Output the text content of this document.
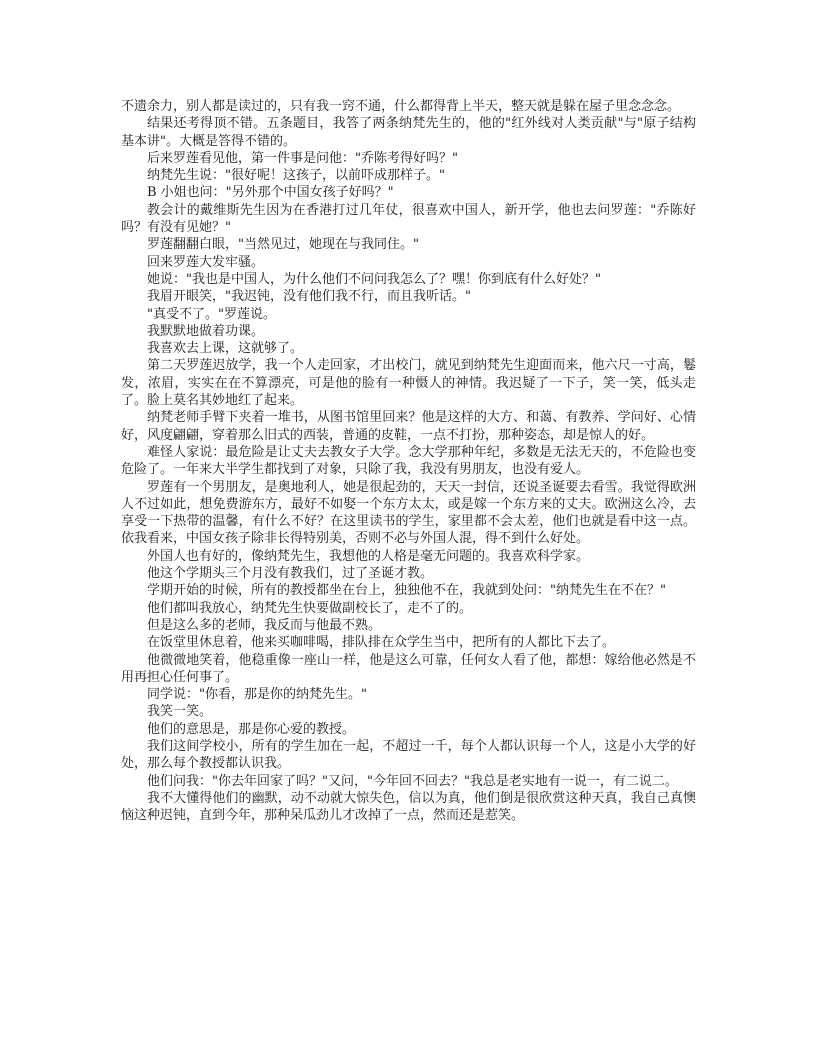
不遗余力，别人都是读过的，只有我一窍不通，什么都得背上半天，整天就是躲在屋子里念念念。

结果还考得顶不错。五条题目，我答了两条纳梵先生的，他的"红外线对人类贡献"与"原子结构基本讲"。大概是答得不错的。

后来罗莲看见他，第一件事是问他："乔陈考得好吗？"

纳梵先生说："很好呢！这孩子，以前吓成那样子。"

B 小姐也问："另外那个中国女孩子好吗？"

教会计的戴维斯先生因为在香港打过几年仗，很喜欢中国人，新开学，他也去问罗莲："乔陈好吗？有没有见她？"

罗莲翻翻白眼，"当然见过，她现在与我同住。"

回来罗莲大发牢骚。

她说："我也是中国人，为什么他们不问问我怎么了？嘿！你到底有什么好处？"

我眉开眼笑，"我迟钝，没有他们我不行，而且我听话。"

"真受不了。"罗莲说。

我默默地做着功课。

我喜欢去上课，这就够了。

第二天罗莲迟放学，我一个人走回家，才出校门，就见到纳梵先生迎面而来，他六尺一寸高，鬈发，浓眉，实实在在不算漂亮，可是他的脸有一种慑人的神情。我迟疑了一下子，笑一笑，低头走了。脸上莫名其妙地红了起来。

纳梵老师手臂下夹着一堆书，从图书馆里回来？他是这样的大方、和蔼、有教养、学问好、心情好，风度翩翩，穿着那么旧式的西装，普通的皮鞋，一点不打扮，那种姿态，却是惊人的好。

难怪人家说：最危险是让丈夫去教女子大学。念大学那种年纪，多数是无法无天的，不危险也变危险了。一年来大半学生都找到了对象，只除了我，我没有男朋友，也没有爱人。

罗莲有一个男朋友，是奥地利人，她是很起劲的，天天一封信，还说圣诞要去看雪。我觉得欧洲人不过如此，想免费游东方，最好不如娶一个东方太太，或是嫁一个东方来的丈夫。欧洲这么冷，去享受一下热带的温馨，有什么不好？在这里读书的学生，家里都不会太差，他们也就是看中这一点。依我看来，中国女孩子除非长得特别美，否则不必与外国人混，得不到什么好处。

外国人也有好的，像纳梵先生，我想他的人格是毫无问题的。我喜欢科学家。

他这个学期头三个月没有教我们，过了圣诞才教。

学期开始的时候，所有的教授都坐在台上，独独他不在，我就到处问："纳梵先生在不在？"

他们都叫我放心，纳梵先生快要做副校长了，走不了的。

但是这么多的老师，我反而与他最不熟。

在饭堂里休息着，他来买咖啡喝，排队排在众学生当中，把所有的人都比下去了。

他微微地笑着，他稳重像一座山一样，他是这么可靠，任何女人看了他，都想：嫁给他必然是不用再担心任何事了。

同学说："你看，那是你的纳梵先生。"

我笑一笑。

他们的意思是，那是你心爱的教授。

我们这间学校小，所有的学生加在一起，不超过一千，每个人都认识每一个人，这是小大学的好处，那么每个教授都认识我。

他们问我："你去年回家了吗？"又问，"今年回不回去？"我总是老实地有一说一，有二说二。

我不大懂得他们的幽默，动不动就大惊失色，信以为真，他们倒是很欣赏这种天真，我自己真懊恼这种迟钝，直到今年，那种呆瓜劲儿才改掉了一点，然而还是惹笑。
